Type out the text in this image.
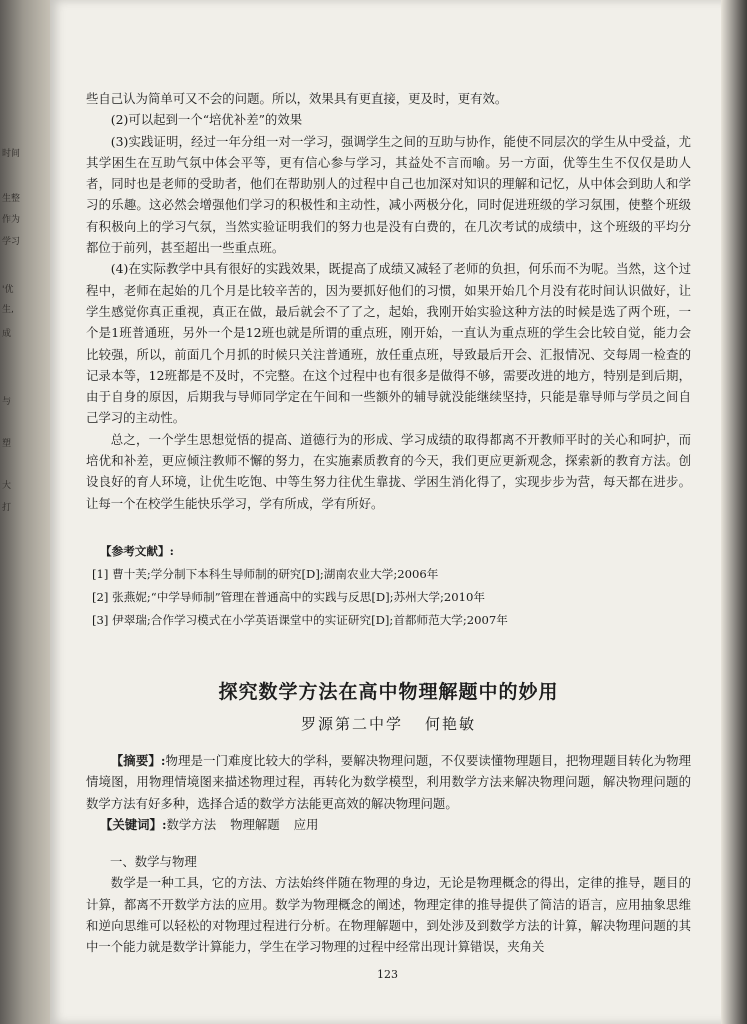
时间
生整
作为
学习
'优
生,
成
与
塑
大
打

些自己认为简单可又不会的问题。所以，效果具有更直接，更及时，更有效。

(2)可以起到一个“培优补差”的效果

(3)实践证明，经过一年分组一对一学习，强调学生之间的互助与协作，能使不同层次的学生从中受益，尤其学困生在互助气氛中体会平等，更有信心参与学习，其益处不言而喻。另一方面，优等生生不仅仅是助人者，同时也是老师的受助者，他们在帮助别人的过程中自己也加深对知识的理解和记忆，从中体会到助人和学习的乐趣。这必然会增强他们学习的积极性和主动性，减小两极分化，同时促进班级的学习氛围，使整个班级有积极向上的学习气氛，当然实验证明我们的努力也是没有白费的，在几次考试的成绩中，这个班级的平均分都位于前列，甚至超出一些重点班。

(4)在实际教学中具有很好的实践效果，既提高了成绩又减轻了老师的负担，何乐而不为呢。当然，这个过程中，老师在起始的几个月是比较辛苦的，因为要抓好他们的习惯，如果开始几个月没有花时间认识做好，让学生感觉你真正重视，真正在做，最后就会不了了之，起始，我刚开始实验这种方法的时候是选了两个班，一个是1班普通班，另外一个是12班也就是所谓的重点班，刚开始，一直认为重点班的学生会比较自觉，能力会比较强，所以，前面几个月抓的时候只关注普通班，放任重点班，导致最后开会、汇报情况、交每周一检查的记录本等，12班都是不及时，不完整。在这个过程中也有很多是做得不够，需要改进的地方，特别是到后期，由于自身的原因，后期我与导师同学定在午间和一些额外的辅导就没能继续坚持，只能是靠导师与学员之间自己学习的主动性。

总之，一个学生思想觉悟的提高、道德行为的形成、学习成绩的取得都离不开教师平时的关心和呵护，而培优和补差，更应倾注教师不懈的努力，在实施素质教育的今天，我们更应更新观念，探索新的教育方法。创设良好的育人环境，让优生吃饱、中等生努力往优生靠拢、学困生消化得了，实现步步为营，每天都在进步。让每一个在校学生能快乐学习，学有所成，学有所好。

【参考文献】:
[1] 曹十芙;学分制下本科生导师制的研究[D];湖南农业大学;2006年
[2] 张燕妮;“中学导师制”管理在普通高中的实践与反思[D];苏州大学;2010年
[3] 伊翠瑞;合作学习模式在小学英语课堂中的实证研究[D];首都师范大学;2007年
探究数学方法在高中物理解题中的妙用
罗源第二中学 何艳敏

【摘要】:物理是一门难度比较大的学科，要解决物理问题，不仅要读懂物理题目，把物理题目转化为物理情境图，用物理情境图来描述物理过程，再转化为数学模型，利用数学方法来解决物理问题，解决物理问题的数学方法有好多种，选择合适的数学方法能更高效的解决物理问题。

【关键词】:数学方法 物理解题 应用

一、数学与物理

数学是一种工具，它的方法、方法始终伴随在物理的身边，无论是物理概念的得出，定律的推导，题目的计算，都离不开数学方法的应用。数学为物理概念的阐述，物理定律的推导提供了简洁的语言，应用抽象思维和逆向思维可以轻松的对物理过程进行分析。在物理解题中，到处涉及到数学方法的计算，解决物理问题的其中一个能力就是数学计算能力，学生在学习物理的过程中经常出现计算错误，夹角关

123
